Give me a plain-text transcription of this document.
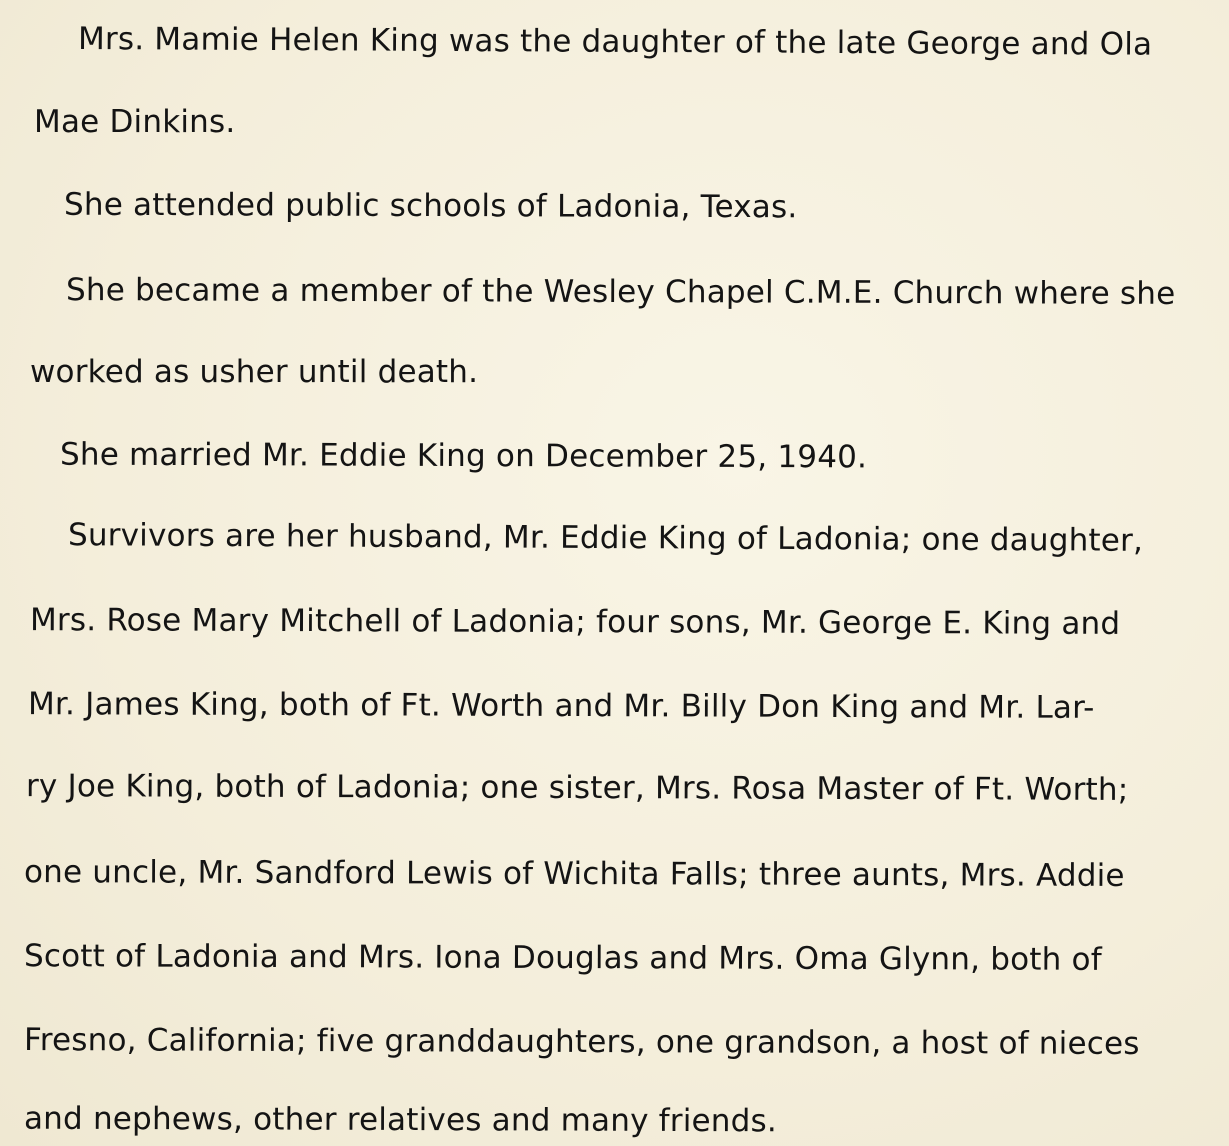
Mrs. Mamie Helen King was the daughter of the late George and Ola
Mae Dinkins.
She attended public schools of Ladonia, Texas.
She became a member of the Wesley Chapel C.M.E. Church where she
worked as usher until death.
She married Mr. Eddie King on December 25, 1940.
Survivors are her husband, Mr. Eddie King of Ladonia; one daughter,
Mrs. Rose Mary Mitchell of Ladonia; four sons, Mr. George E. King and
Mr. James King, both of Ft. Worth and Mr. Billy Don King and Mr. Lar-
ry Joe King, both of Ladonia; one sister, Mrs. Rosa Master of Ft. Worth;
one uncle, Mr. Sandford Lewis of Wichita Falls; three aunts, Mrs. Addie
Scott of Ladonia and Mrs. Iona Douglas and Mrs. Oma Glynn, both of
Fresno, California; five granddaughters, one grandson, a host of nieces
and nephews, other relatives and many friends.
